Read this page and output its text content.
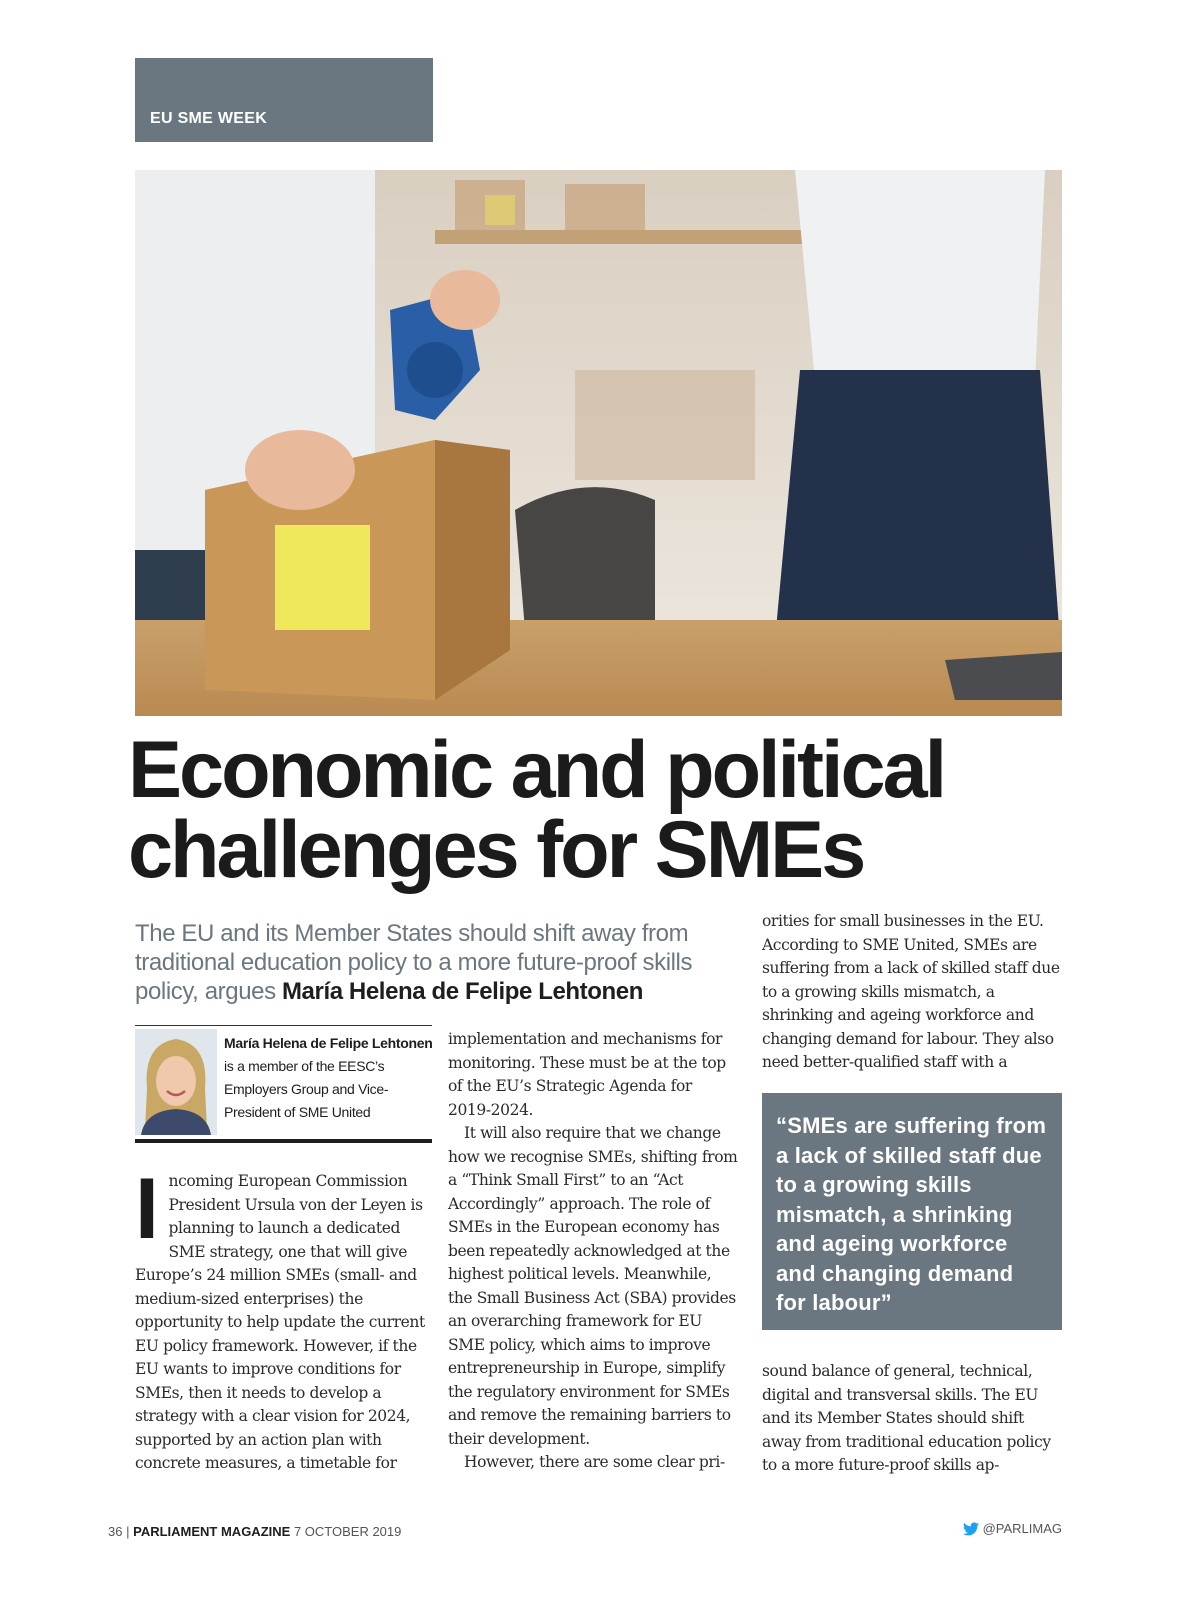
EU SME WEEK
Economic and political
challenges for SMEs

The EU and its Member States should shift away from traditional education policy to a more future-proof skills policy, argues María Helena de Felipe Lehtonen

María Helena de Felipe Lehtonen is a member of the EESC’s Employers Group and Vice-President of SME United

Incoming European Commission President Ursula von der Leyen is planning to launch a dedicated SME strategy, one that will give Europe’s 24 million SMEs (small- and medium-sized enterprises) the opportunity to help update the current EU policy framework. However, if the EU wants to improve conditions for SMEs, then it needs to develop a strategy with a clear vision for 2024, supported by an action plan with concrete measures, a timetable for

implementation and mechanisms for monitoring. These must be at the top of the EU’s Strategic Agenda for 2019-2024.

It will also require that we change how we recognise SMEs, shifting from a “Think Small First” to an “Act Accordingly” approach. The role of SMEs in the European economy has been repeatedly acknowledged at the highest political levels. Meanwhile, the Small Business Act (SBA) provides an overarching framework for EU SME policy, which aims to improve entrepreneurship in Europe, simplify the regulatory environment for SMEs and remove the remaining barriers to their development.

However, there are some clear pri-

orities for small businesses in the EU. According to SME United, SMEs are suffering from a lack of skilled staff due to a growing skills mismatch, a shrinking and ageing workforce and changing demand for labour. They also need better-qualified staff with a

“SMEs are suffering from a lack of skilled staff due to a growing skills mismatch, a shrinking and ageing workforce and changing demand for labour”

sound balance of general, technical, digital and transversal skills. The EU and its Member States should shift away from traditional education policy to a more future-proof skills ap-

36 | PARLIAMENT MAGAZINE 7 OCTOBER 2019	@PARLIMAG
